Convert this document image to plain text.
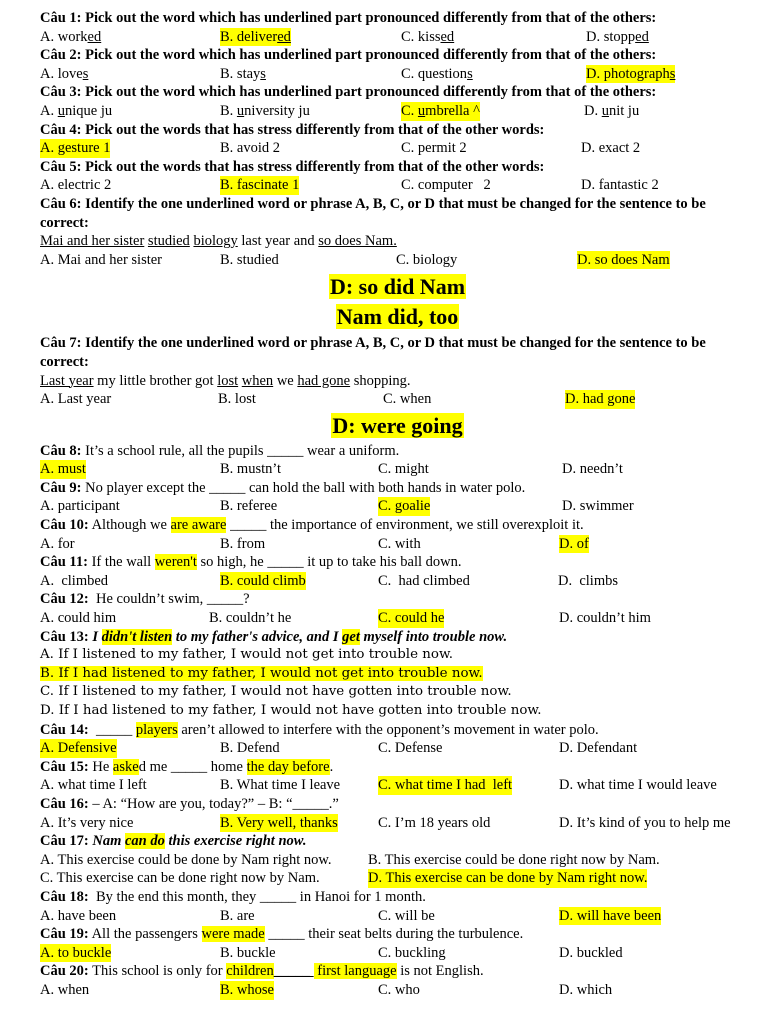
Câu 1: Pick out the word which has underlined part pronounced differently from that of the others:
A. worked	B. delivered	C. kissed	D. stopped
Câu 2: Pick out the word which has underlined part pronounced differently from that of the others:
A. loves	B. stays	C. questions	D. photographs
Câu 3: Pick out the word which has underlined part pronounced differently from that of the others:
A. unique ju	B. university ju	C. umbrella ^	D. unit ju
Câu 4: Pick out the words that has stress differently from that of the other words:
A. gesture 1	B. avoid 2	C. permit 2	D. exact 2
Câu 5: Pick out the words that has stress differently from that of the other words:
A. electric 2	B. fascinate 1	C. computer   2	D. fantastic 2
Câu 6: Identify the one underlined word or phrase A, B, C, or D that must be changed for the sentence to be correct:
Mai and her sister studied biology last year and so does Nam.
A. Mai and her sister	B. studied	C. biology	D. so does Nam
D: so did Nam
Nam did, too
Câu 7: Identify the one underlined word or phrase A, B, C, or D that must be changed for the sentence to be correct:
Last year my little brother got lost when we had gone shopping.
A. Last year	B. lost	C. when	D. had gone
D: were going
Câu 8: It’s a school rule, all the pupils _____ wear a uniform.
A. must	B. mustn’t	C. might	D. needn’t
Câu 9: No player except the _____ can hold the ball with both hands in water polo.
A. participant	B. referee	C. goalie	D. swimmer
Câu 10: Although we are aware _____ the importance of environment, we still overexploit it.
A. for	B. from	C. with	D. of
Câu 11: If the wall weren't so high, he _____ it up to take his ball down.
A.  climbed	B. could climb	C.  had climbed	D.  climbs
Câu 12:  He couldn’t swim, _____?
A. could him	B. couldn’t he	C. could he	D. couldn’t him
Câu 13: I didn't listen to my father's advice, and I get myself into trouble now.
A. If I listened to my father, I would not get into trouble now.
B. If I had listened to my father, I would not get into trouble now.
C. If I listened to my father, I would not have gotten into trouble now.
D. If I had listened to my father, I would not have gotten into trouble now.
Câu 14:  _____ players aren’t allowed to interfere with the opponent’s movement in water polo.
A. Defensive	B. Defend	C. Defense	D. Defendant
Câu 15: He asked me _____ home the day before.
A. what time I left	B. What time I leave	C. what time I had  left	D. what time I would leave
Câu 16: – A: “How are you, today?” – B: “_____.”
A. It’s very nice	B. Very well, thanks	C. I’m 18 years old	D. It’s kind of you to help me
Câu 17: Nam can do this exercise right now.
A. This exercise could be done by Nam right now.	B. This exercise could be done right now by Nam.
C. This exercise can be done right now by Nam.	D. This exercise can be done by Nam right now.
Câu 18:  By the end this month, they _____ in Hanoi for 1 month.
A. have been	B. are	C. will be	D. will have been
Câu 19: All the passengers were made _____ their seat belts during the turbulence.
A. to buckle	B. buckle	C. buckling	D. buckled
Câu 20: This school is only for children_____  first language is not English.
A. when	B. whose	C. who	D. which
